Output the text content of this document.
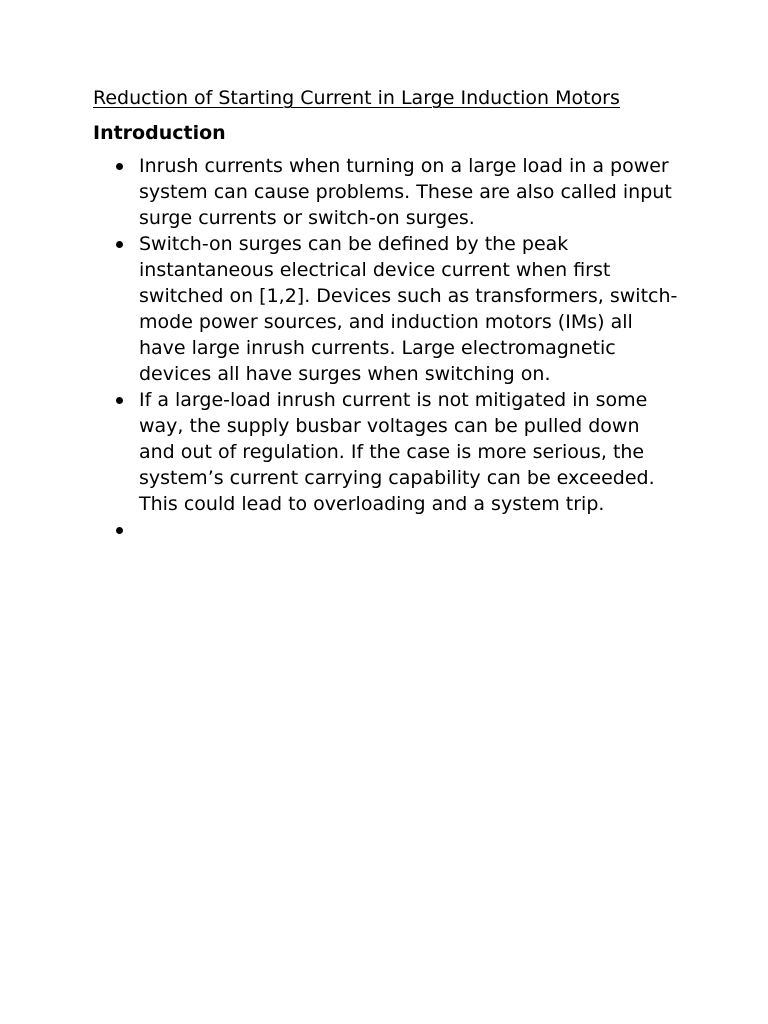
Reduction of Starting Current in Large Induction Motors
Introduction
Inrush currents when turning on a large load in a power system can cause problems. These are also called input surge currents or switch-on surges.
Switch-on surges can be defined by the peak instantaneous electrical device current when first switched on [1,2]. Devices such as transformers, switch-mode power sources, and induction motors (IMs) all have large inrush currents. Large electromagnetic devices all have surges when switching on.
If a large-load inrush current is not mitigated in some way, the supply busbar voltages can be pulled down and out of regulation. If the case is more serious, the system’s current carrying capability can be exceeded. This could lead to overloading and a system trip.
